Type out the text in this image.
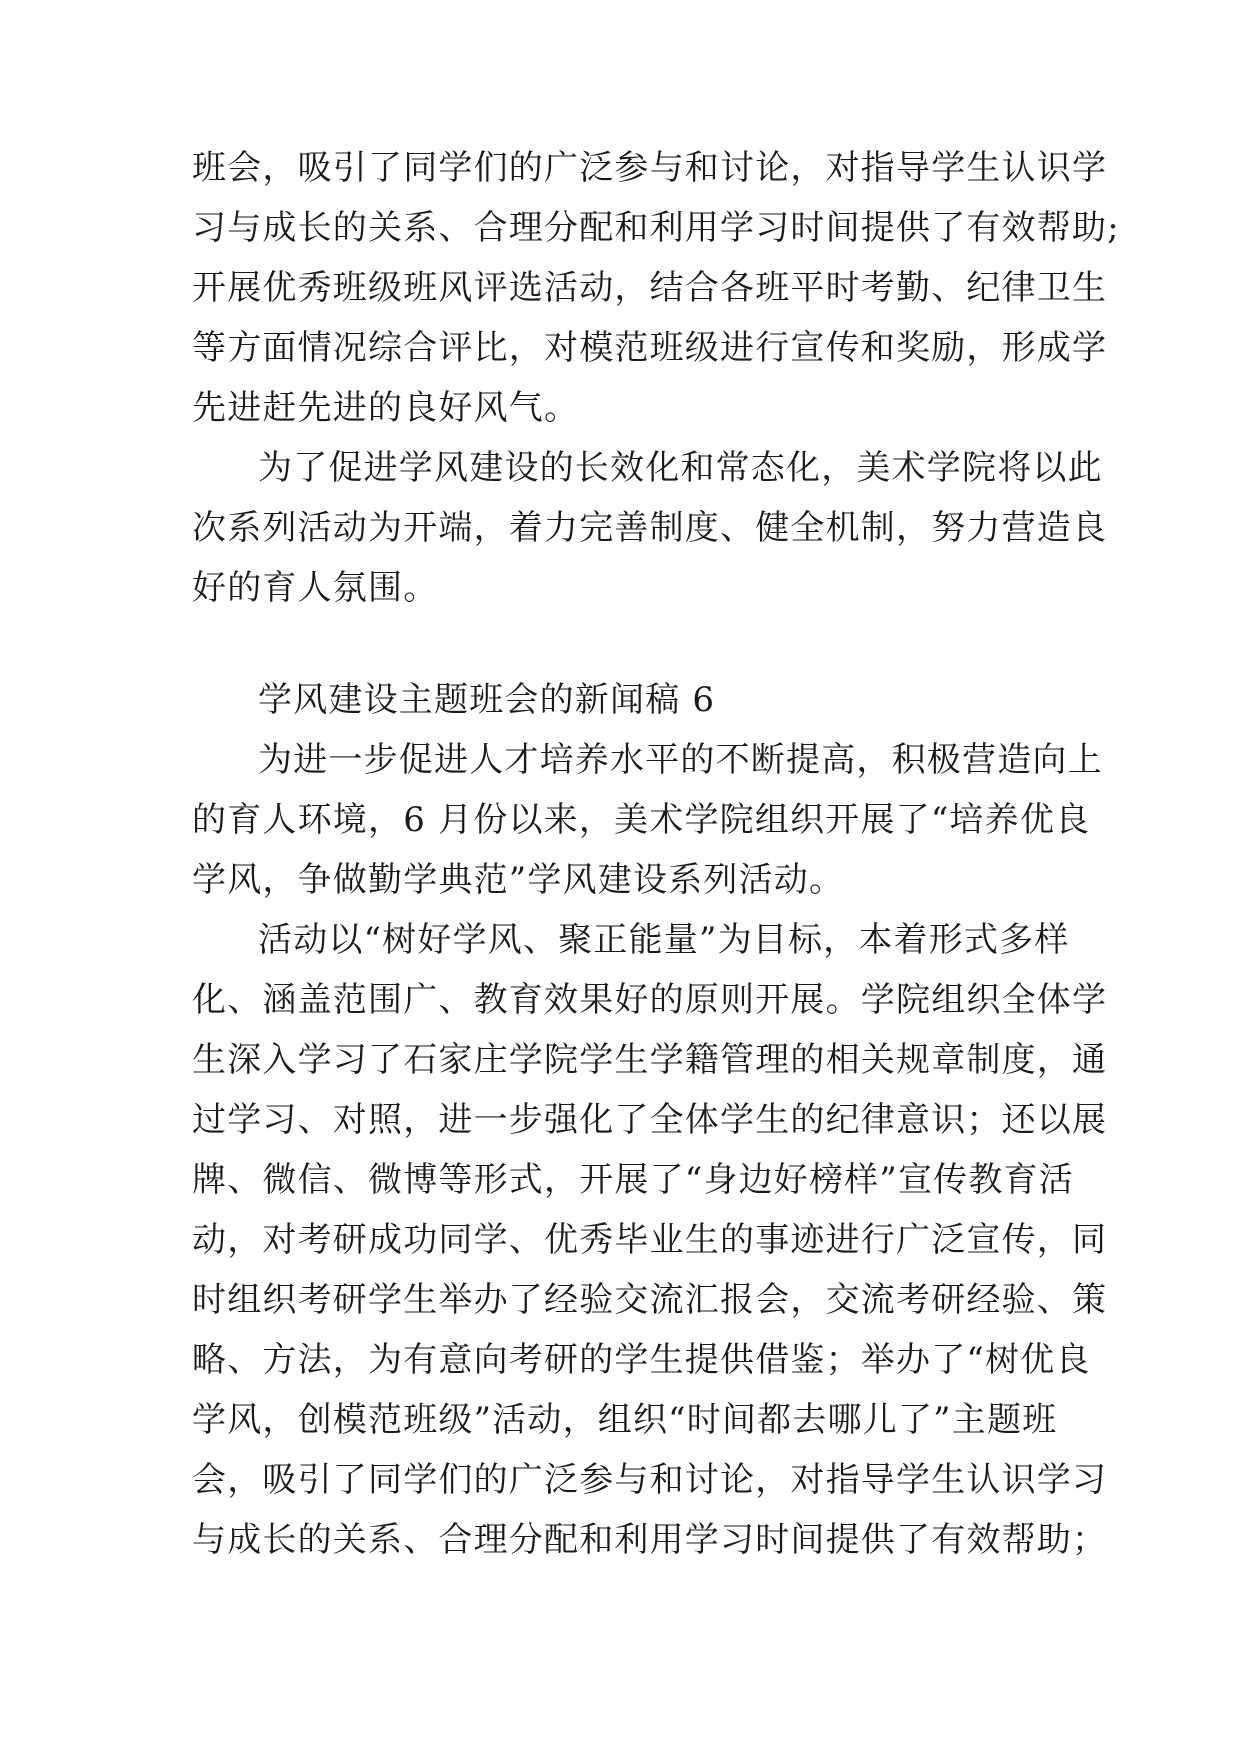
班会，吸引了同学们的广泛参与和讨论，对指导学生认识学
习与成长的关系、合理分配和利用学习时间提供了有效帮助;
开展优秀班级班风评选活动，结合各班平时考勤、纪律卫生
等方面情况综合评比，对模范班级进行宣传和奖励，形成学
先进赶先进的良好风气。
为了促进学风建设的长效化和常态化，美术学院将以此
次系列活动为开端，着力完善制度、健全机制，努力营造良
好的育人氛围。
学风建设主题班会的新闻稿 6
为进一步促进人才培养水平的不断提高，积极营造向上
的育人环境，6 月份以来，美术学院组织开展了“培养优良
学风，争做勤学典范”学风建设系列活动。
活动以“树好学风、聚正能量”为目标，本着形式多样
化、涵盖范围广、教育效果好的原则开展。学院组织全体学
生深入学习了石家庄学院学生学籍管理的相关规章制度，通
过学习、对照，进一步强化了全体学生的纪律意识；还以展
牌、微信、微博等形式，开展了“身边好榜样”宣传教育活
动，对考研成功同学、优秀毕业生的事迹进行广泛宣传，同
时组织考研学生举办了经验交流汇报会，交流考研经验、策
略、方法，为有意向考研的学生提供借鉴；举办了“树优良
学风，创模范班级”活动，组织“时间都去哪儿了”主题班
会，吸引了同学们的广泛参与和讨论，对指导学生认识学习
与成长的关系、合理分配和利用学习时间提供了有效帮助；
